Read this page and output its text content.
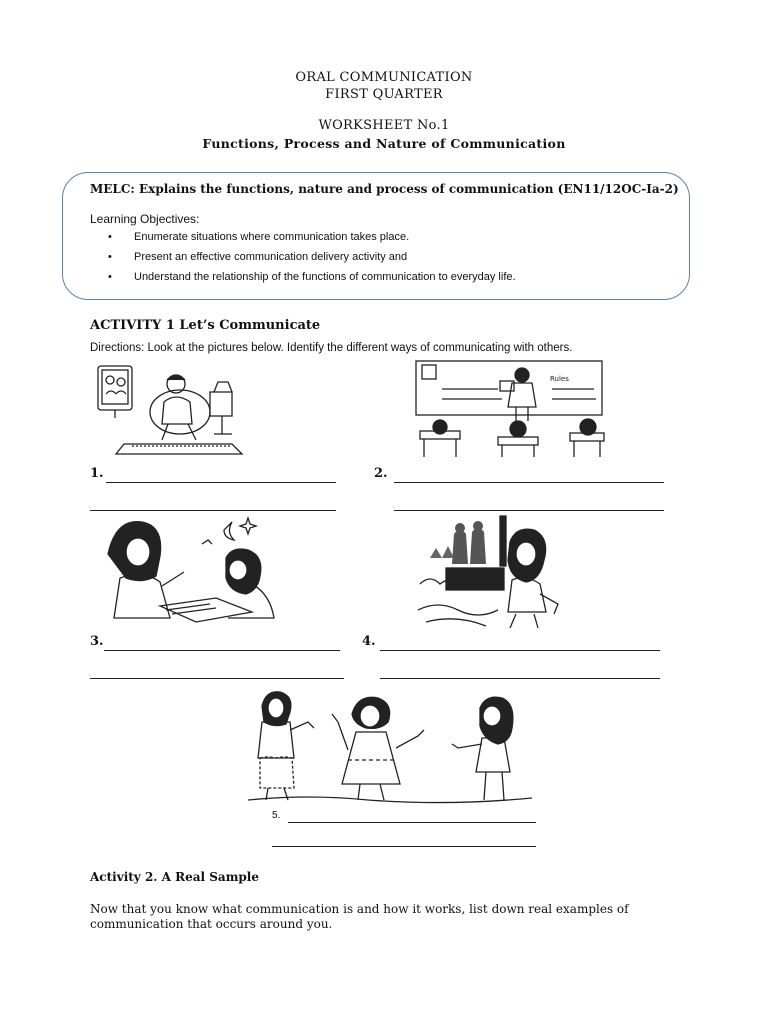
ORAL COMMUNICATION
FIRST QUARTER
WORKSHEET No.1
Functions, Process and Nature of Communication
MELC: Explains the functions, nature and process of communication (EN11/12OC-Ia-2)
Learning Objectives:
• Enumerate situations where communication takes place.
• Present an effective communication delivery activity and
• Understand the relationship of the functions of communication to everyday life.
ACTIVITY 1 Let’s Communicate
Directions: Look at the pictures below. Identify the different ways of communicating with others.
Rules
1.	2.
3.	4.
5.
Activity 2. A Real Sample
Now that you know what communication is and how it works, list down real examples of communication that occurs around you.
